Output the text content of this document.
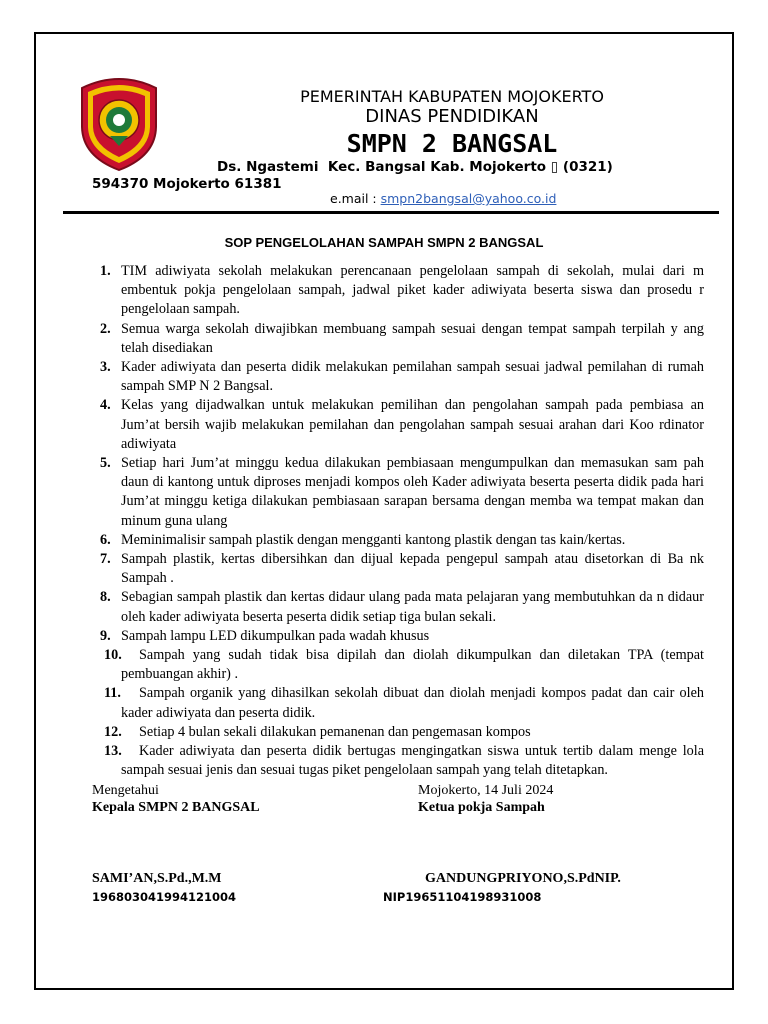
PEMERINTAH KABUPATEN MOJOKERTO
DINAS PENDIDIKAN
SMPN 2 BANGSAL
Ds. Ngastemi  Kec. Bangsal Kab. Mojokerto ▯ (0321)
594370 Mojokerto 61381
e.mail : smpn2bangsal@yahoo.co.id
SOP PENGELOLAHAN SAMPAH SMPN 2 BANGSAL
1. TIM adiwiyata sekolah melakukan perencanaan pengelolaan sampah di sekolah, mulai dari m embentuk pokja pengelolaan sampah, jadwal piket kader adiwiyata beserta siswa dan prosedu r pengelolaan sampah.
2. Semua warga sekolah diwajibkan membuang sampah sesuai dengan tempat sampah terpilah y ang telah disediakan
3. Kader adiwiyata dan peserta didik melakukan pemilahan sampah sesuai jadwal pemilahan di rumah sampah SMP N 2 Bangsal.
4. Kelas yang dijadwalkan untuk melakukan pemilihan dan pengolahan sampah pada pembiasa an Jum’at bersih wajib melakukan pemilahan dan pengolahan sampah sesuai arahan dari Koo rdinator adiwiyata
5. Setiap hari Jum’at minggu kedua dilakukan pembiasaan mengumpulkan dan memasukan sam pah daun di kantong untuk diproses menjadi kompos oleh Kader adiwiyata beserta peserta didik pada hari Jum’at minggu ketiga dilakukan pembiasaan sarapan bersama dengan memba wa tempat makan dan minum guna ulang
6. Meminimalisir sampah plastik dengan mengganti kantong plastik dengan tas kain/kertas.
7. Sampah plastik, kertas dibersihkan dan dijual kepada pengepul sampah atau disetorkan di Ba nk Sampah .
8. Sebagian sampah plastik dan kertas didaur ulang pada mata pelajaran yang membutuhkan da n didaur oleh kader adiwiyata beserta peserta didik setiap tiga bulan sekali.
9. Sampah lampu LED dikumpulkan pada wadah khusus
10. Sampah yang sudah tidak bisa dipilah dan diolah dikumpulkan dan diletakan TPA (tempat pembuangan akhir) .
11. Sampah organik yang dihasilkan sekolah dibuat dan diolah menjadi kompos padat dan cair oleh kader adiwiyata dan peserta didik.
12. Setiap 4 bulan sekali dilakukan pemanenan dan pengemasan kompos
13. Kader adiwiyata dan peserta didik bertugas mengingatkan siswa untuk tertib dalam menge lola sampah sesuai jenis dan sesuai tugas piket pengelolaan sampah yang telah ditetapkan.
Mengetahui
Kepala SMPN 2 BANGSAL
Mojokerto, 14 Juli 2024
Ketua pokja Sampah
SAMI’AN,S.Pd.,M.M
196803041994121004
GANDUNGPRIYONO,S.PdNIP.
NIP19651104198931008
